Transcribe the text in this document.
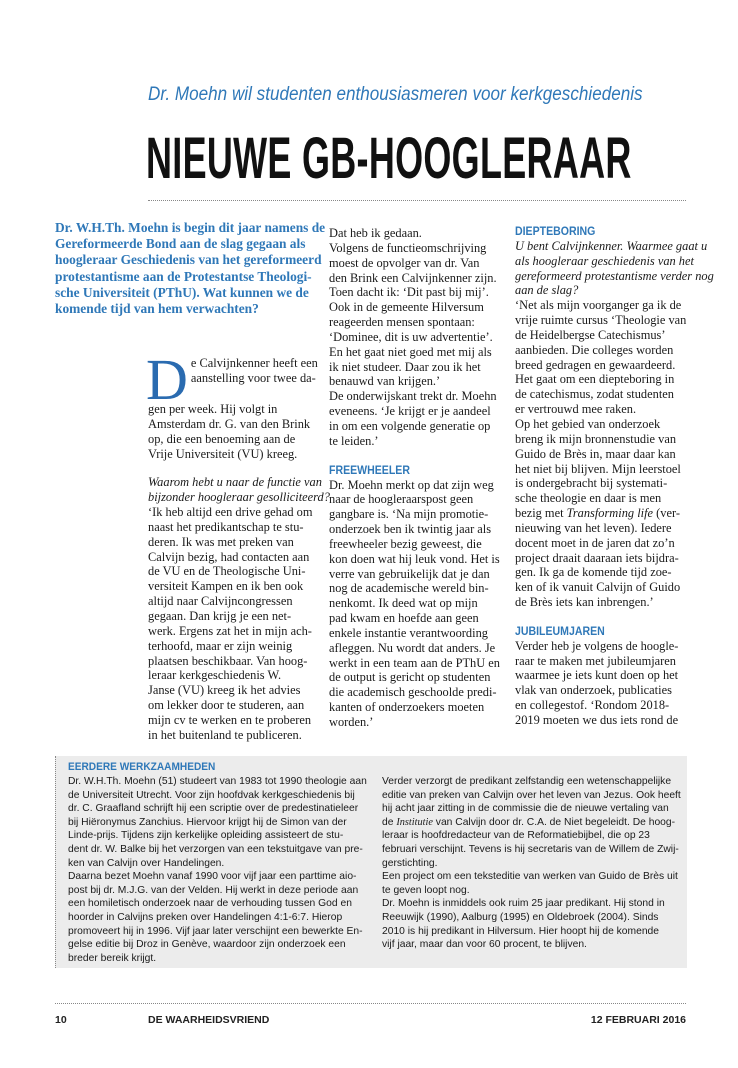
Dr. Moehn wil studenten enthousiasmeren voor kerkgeschiedenis
NIEUWE GB-HOOGLERAAR
Dr. W.H.Th. Moehn is begin dit jaar namens de
Gereformeerde Bond aan de slag gegaan als
hoogleraar Geschiedenis van het gereformeerd
protestantisme aan de Protestantse Theologi-
sche Universiteit (PThU). Wat kunnen we de
komende tijd van hem verwachten?

De Calvijnkenner heeft een
aanstelling voor twee da-
gen per week. Hij volgt in
Amsterdam dr. G. van den Brink
op, die een benoeming aan de
Vrije Universiteit (VU) kreeg.

Waarom hebt u naar de functie van
bijzonder hoogleraar gesolliciteerd?

‘Ik heb altijd een drive gehad om
naast het predikantschap te stu-
deren. Ik was met preken van
Calvijn bezig, had contacten aan
de VU en de Theologische Uni-
versiteit Kampen en ik ben ook
altijd naar Calvijncongressen
gegaan. Dan krijg je een net-
werk. Ergens zat het in mijn ach-
terhoofd, maar er zijn weinig
plaatsen beschikbaar. Van hoog-
leraar kerkgeschiedenis W.
Janse (VU) kreeg ik het advies
om lekker door te studeren, aan
mijn cv te werken en te proberen
in het buitenland te publiceren.

Dat heb ik gedaan.
Volgens de functieomschrijving
moest de opvolger van dr. Van
den Brink een Calvijnkenner zijn.
Toen dacht ik: ‘Dit past bij mij’.
Ook in de gemeente Hilversum
reageerden mensen spontaan:
‘Dominee, dit is uw advertentie’.
En het gaat niet goed met mij als
ik niet studeer. Daar zou ik het
benauwd van krijgen.’
De onderwijskant trekt dr. Moehn
eveneens. ‘Je krijgt er je aandeel
in om een volgende generatie op
te leiden.’

FREEWHEELER

Dr. Moehn merkt op dat zijn weg
naar de hoogleraarspost geen
gangbare is. ‘Na mijn promotie-
onderzoek ben ik twintig jaar als
freewheeler bezig geweest, die
kon doen wat hij leuk vond. Het is
verre van gebruikelijk dat je dan
nog de academische wereld bin-
nenkomt. Ik deed wat op mijn
pad kwam en hoefde aan geen
enkele instantie verantwoording
afleggen. Nu wordt dat anders. Je
werkt in een team aan de PThU en
de output is gericht op studenten
die academisch geschoolde predi-
kanten of onderzoekers moeten
worden.’

DIEPTEBORING

U bent Calvijnkenner. Waarmee gaat u
als hoogleraar geschiedenis van het
gereformeerd protestantisme verder nog
aan de slag?

‘Net als mijn voorganger ga ik de
vrije ruimte cursus ‘Theologie van
de Heidelbergse Catechismus’
aanbieden. Die colleges worden
breed gedragen en gewaardeerd.
Het gaat om een diepteboring in
de catechismus, zodat studenten
er vertrouwd mee raken.
Op het gebied van onderzoek
breng ik mijn bronnenstudie van
Guido de Brès in, maar daar kan
het niet bij blijven. Mijn leerstoel
is ondergebracht bij systemati-
sche theologie en daar is men

bezig met Transforming life (ver-

nieuwing van het leven). Iedere
docent moet in de jaren dat zo’n
project draait daaraan iets bijdra-
gen. Ik ga de komende tijd zoe-
ken of ik vanuit Calvijn of Guido
de Brès iets kan inbrengen.’

JUBILEUMJAREN

Verder heb je volgens de hoogle-
raar te maken met jubileumjaren
waarmee je iets kunt doen op het
vlak van onderzoek, publicaties
en collegestof. ‘Rondom 2018-
2019 moeten we dus iets rond de

EERDERE WERKZAAMHEDEN
Dr. W.H.Th. Moehn (51) studeert van 1983 tot 1990 theologie aan
de Universiteit Utrecht. Voor zijn hoofdvak kerkgeschiedenis bij
dr. C. Graafland schrijft hij een scriptie over de predestinatieleer
bij Hiëronymus Zanchius. Hiervoor krijgt hij de Simon van der
Linde-prijs. Tijdens zijn kerkelijke opleiding assisteert de stu-
dent dr. W. Balke bij het verzorgen van een tekstuitgave van pre-
ken van Calvijn over Handelingen.
Daarna bezet Moehn vanaf 1990 voor vijf jaar een parttime aio-
post bij dr. M.J.G. van der Velden. Hij werkt in deze periode aan
een homiletisch onderzoek naar de verhouding tussen God en
hoorder in Calvijns preken over Handelingen 4:1-6:7. Hierop
promoveert hij in 1996. Vijf jaar later verschijnt een bewerkte En-
gelse editie bij Droz in Genève, waardoor zijn onderzoek een
breder bereik krijgt.
Verder verzorgt de predikant zelfstandig een wetenschappelijke
editie van preken van Calvijn over het leven van Jezus. Ook heeft
hij acht jaar zitting in de commissie die de nieuwe vertaling van
de Institutie van Calvijn door dr. C.A. de Niet begeleidt. De hoog-
leraar is hoofdredacteur van de Reformatiebijbel, die op 23
februari verschijnt. Tevens is hij secretaris van de Willem de Zwij-
gerstichting.
Een project om een teksteditie van werken van Guido de Brès uit
te geven loopt nog.
Dr. Moehn is inmiddels ook ruim 25 jaar predikant. Hij stond in
Reeuwijk (1990), Aalburg (1995) en Oldebroek (2004). Sinds
2010 is hij predikant in Hilversum. Hier hoopt hij de komende
vijf jaar, maar dan voor 60 procent, te blijven.
10	DE WAARHEIDSVRIEND	12 FEBRUARI 2016
